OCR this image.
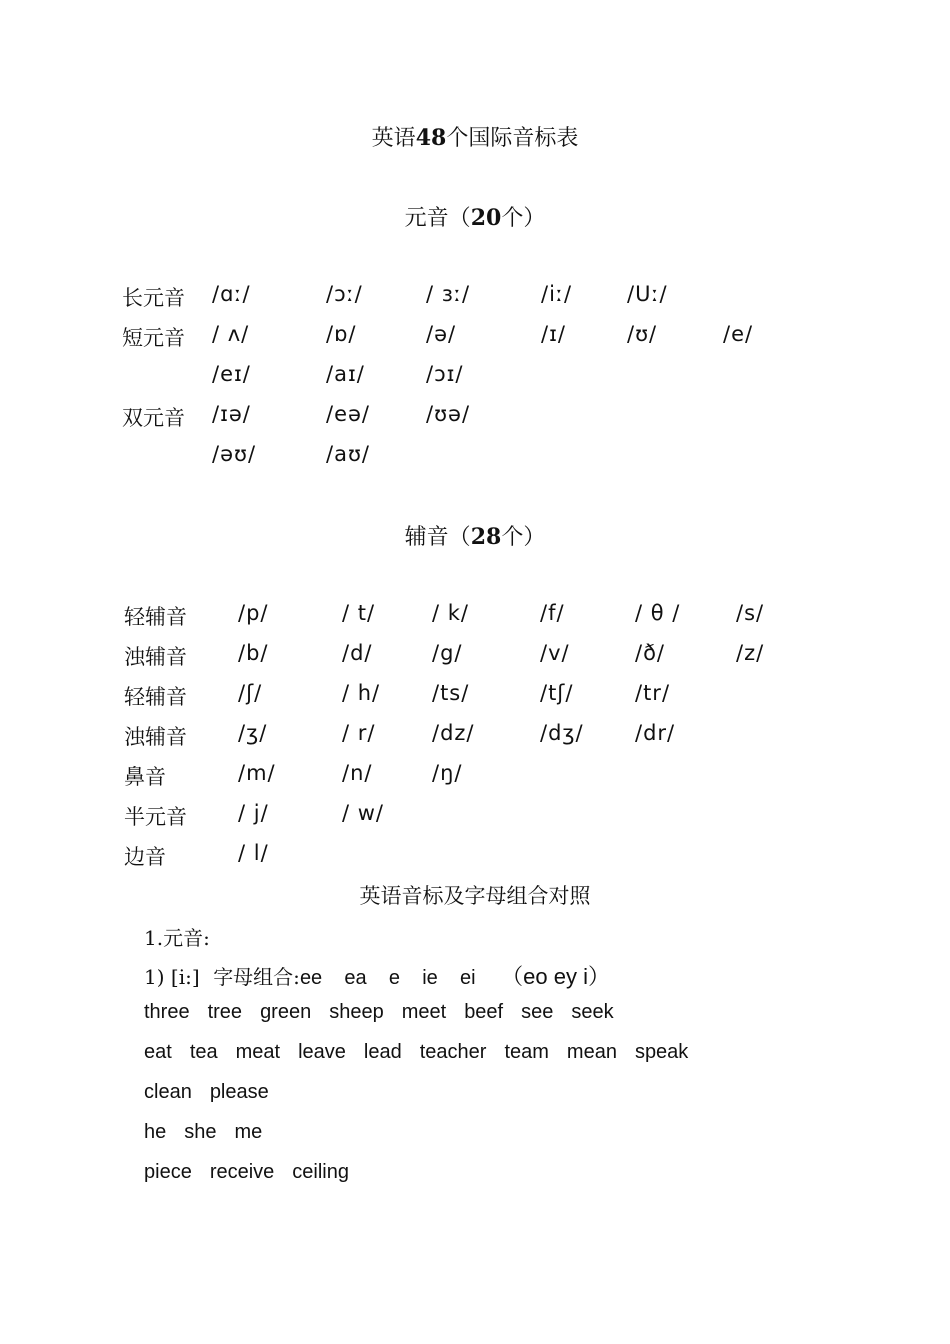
英语48个国际音标表
元音（20个）
长元音 /ɑː/	/ɔː/	/ ɜː/	/iː/	/Uː/
短元音 / ʌ/	/ɒ/	/ə/	/ɪ/	/ʊ/	/e/
/eɪ/	/aɪ/	/ɔɪ/
双元音 /ɪə/	/eə/	/ʊə/
/əʊ/	/aʊ/
辅音（28个）
轻辅音 /p/	/ t/	/ k/	/f/	/ θ /	/s/
浊辅音 /b/	/d/	/g/	/v/	/ð/	/z/
轻辅音 /ʃ/	/ h/ /ts/	/tʃ/	/tr/
浊辅音 /ʒ/	/ r/	/dz/	/dʒ/ /dr/
鼻音	/m/	/n/	/ŋ/
半元音 / j/	/ w/
边音	/ l/
英语音标及字母组合对照
1.元音:
1) [i:] 字母组合:ee    ea    e    ie    ei （eo ey i）
three tree green sheep meet beef see seek
eat tea meat leave lead teacher team mean speak
clean please
he she me
piece receive ceiling
